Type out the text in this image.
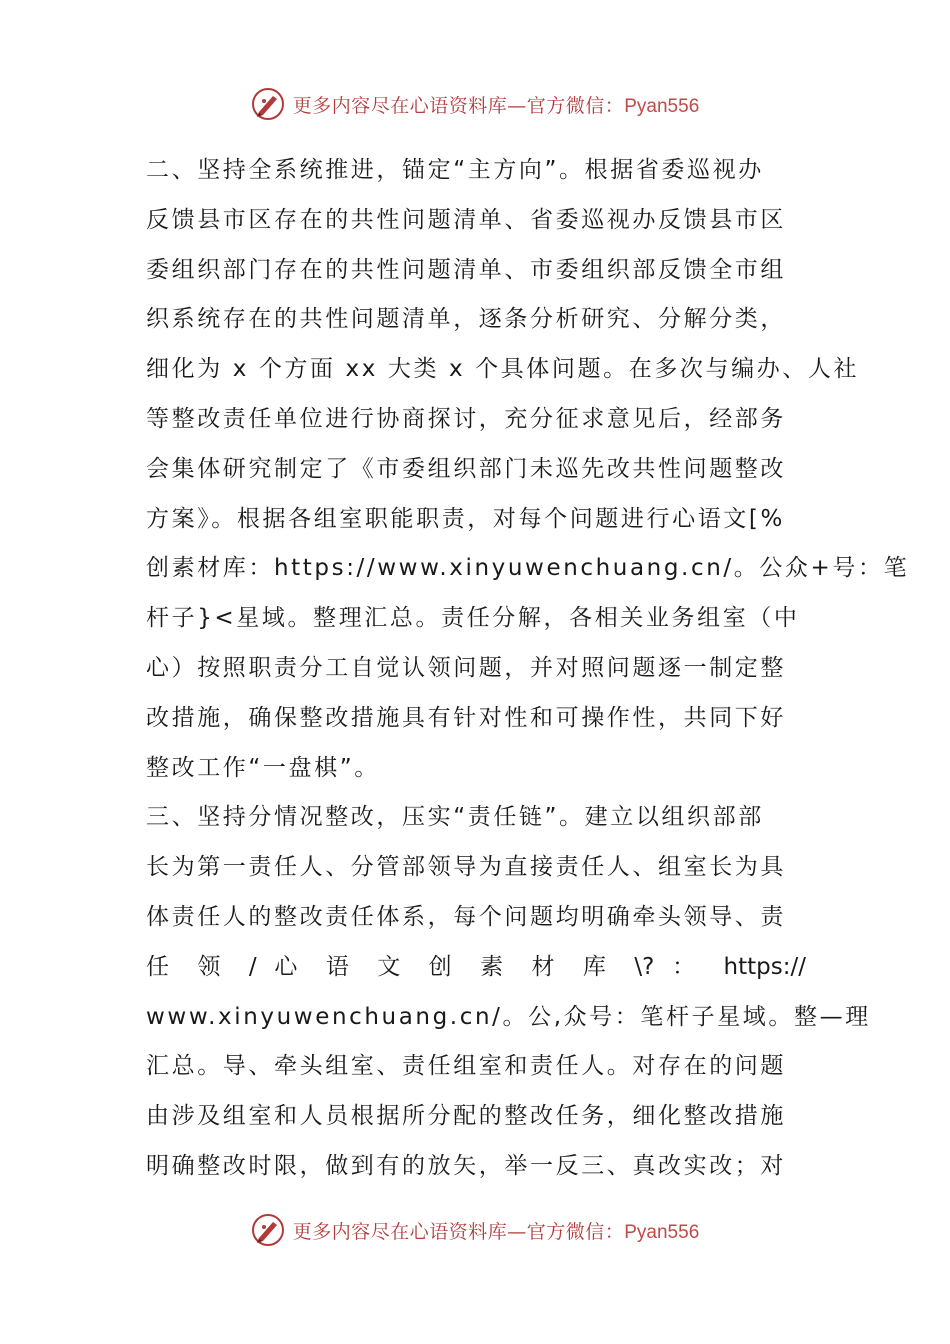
更多内容尽在心语资料库—官方微信：Pyan556
二、坚持全系统推进，锚定“主方向”。根据省委巡视办
反馈县市区存在的共性问题清单、省委巡视办反馈县市区
委组织部门存在的共性问题清单、市委组织部反馈全市组
织系统存在的共性问题清单，逐条分析研究、分解分类，
细化为 x 个方面 xx 大类 x 个具体问题。在多次与编办、人社
等整改责任单位进行协商探讨，充分征求意见后，经部务
会集体研究制定了《市委组织部门未巡先改共性问题整改
方案》。根据各组室职能职责，对每个问题进行心语文[%
创素材库：https://www.xinyuwenchuang.cn/。公众+号：笔
杆子}<星域。整理汇总。责任分解，各相关业务组室（中
心）按照职责分工自觉认领问题，并对照问题逐一制定整
改措施，确保整改措施具有针对性和可操作性，共同下好
整改工作“一盘棋”。
三、坚持分情况整改，压实“责任链”。建立以组织部部
长为第一责任人、分管部领导为直接责任人、组室长为具
体责任人的整改责任体系，每个问题均明确牵头领导、责
任 领 / 心 语 文 创 素 材 库 \? ： https://
www.xinyuwenchuang.cn/。公,众号：笔杆子星域。整—理
汇总。导、牵头组室、责任组室和责任人。对存在的问题
由涉及组室和人员根据所分配的整改任务，细化整改措施
明确整改时限，做到有的放矢，举一反三、真改实改；对
更多内容尽在心语资料库—官方微信：Pyan556
